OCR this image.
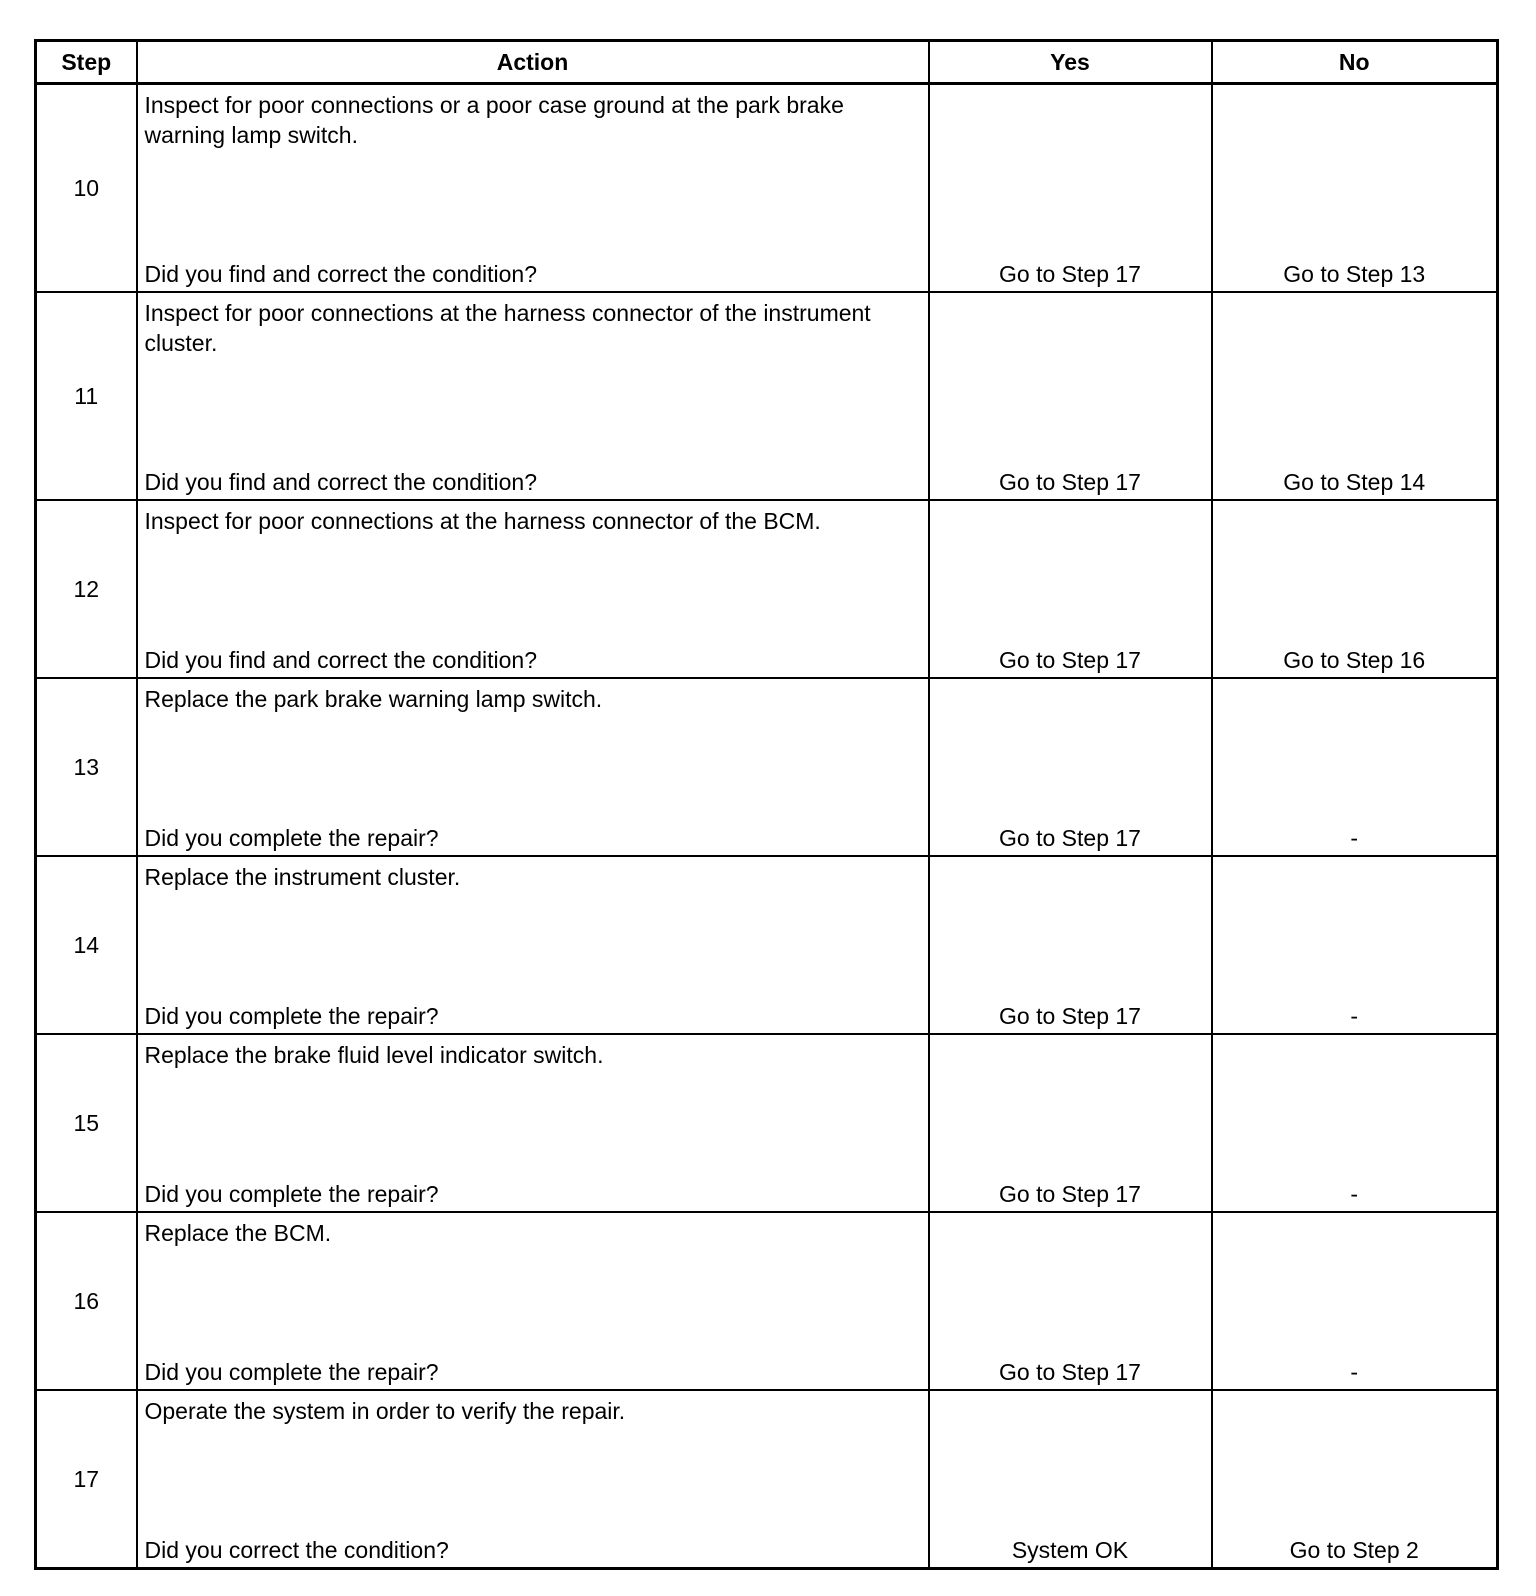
Step	Action	Yes	No
10	Inspect for poor connections or a poor case ground at the park brake warning lamp switch.
Did you find and correct the condition?	Go to Step 17	Go to Step 13

11	Inspect for poor connections at the harness connector of the instrument cluster.
Did you find and correct the condition?	Go to Step 17	Go to Step 14

12	Inspect for poor connections at the harness connector of the BCM.
Did you find and correct the condition?	Go to Step 17	Go to Step 16

13	Replace the park brake warning lamp switch.
Did you complete the repair?	Go to Step 17	-

14	Replace the instrument cluster.
Did you complete the repair?	Go to Step 17	-

15	Replace the brake fluid level indicator switch.
Did you complete the repair?	Go to Step 17	-

16	Replace the BCM.
Did you complete the repair?	Go to Step 17	-

17	Operate the system in order to verify the repair.
Did you correct the condition?	System OK	Go to Step 2
